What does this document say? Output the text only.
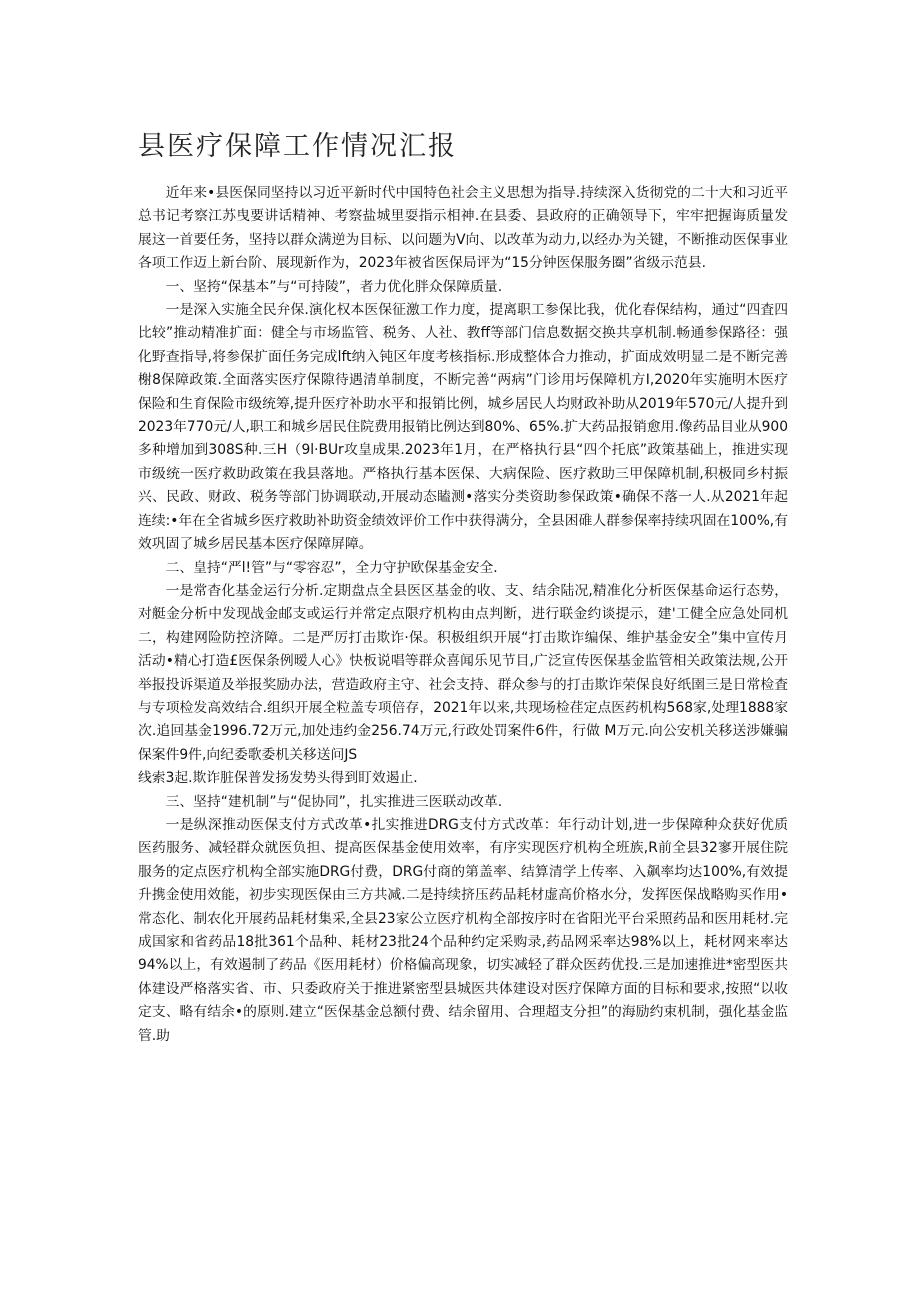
县医疗保障工作情况汇报

近年来•县医保同坚持以习近平新时代中国特色社会主义思想为指导.持续深入货彻党的二十大和习近平总书记考察江苏曳要讲话精神、考察盐城里耍指示相神.在县委、县政府的正确领导下，牢牢把握诲质量发展这一首要任务，坚持以群众满逆为目标、以问题为V向、以改革为动力,以经办为关键，不断推动医保事业各项工作迈上新台阶、展现新作为，2023年被省医保局评为“15分钟医保服务圈”省级示范县.

一、坚挎“保基本”与“可持陵”，者力优化胖众保障质量.

一是深入实施全民弁保.演化权本医保征激工作力度，提离职工参保比我，优化春保结构，通过“四査四比较”推动精准扩面：健全与市场监管、税务、人社、教ff等部门信息数据交换共享机制.畅通参保路径：强化野查指导,将参保扩面任务完成lft纳入钝区年度考核指标.形成整体合力推动，扩面成效明显二是不断完善榭8保障政策.全面落实医疗保隙待遇清单制度，不断完善“两病”门诊用圬保障机方I,2020年实施明木医疗保险和生育保险市级统筹,提升医疗补助水平和报销比例，城乡居民人均财政补助从2019年570元/人提升到2023年770元/人,职工和城乡居民住院费用报销比例达到80%、65%.扩大药品报销愈用.像药品目业从900多种增加到308S种.三H（9l·BUr攻皇成果.2023年1月，在严格执行县“四个托底”政策基础上，推进实现市级统一医疗救助政策在我县落地。严格执行基本医保、大病保险、医疗救助三甲保障机制,积极同乡村振兴、民政、财政、税务等部门协调联动,开展动态瞌测•落实分类资助参保政策•确保不落一人.从2021年起连续:•年在全省城乡医疗救助补助资金绩效评价工作中获得满分，全县困碓人群参保率持续巩固在100%,有效巩固了城乡居民基本医疗保障屏障。

二、皇持“严l!管”与“零容忍”，全力守护欧保基金安全.

一是常杳化基金运行分析.定期盘点全县医区基金的收、支、结余陆况,精准化分析医保基命运行态势，对艇金分析中发现战金邮支或运行并常定点限疗机构由点判断，进行联金约谈提示，建'工健全应急处同机二，构建网险防控济障。二是严厉打击欺诈·保。积极组织开展“打击欺诈编保、维护基金安全”集中宣传月活动•精心打造£医保条例暧人心》快板说唱等群众喜闻乐见节目,广泛宣传医保基金监管相关政策法规,公开举报投诉渠道及举报奖励办法，营造政府主守、社会支持、群众参与的打击欺诈荣保良好纸圉三是日常检査与专项检发高效结合.组织开展全粒盖专项倍存，2021年以来,共现场检荏定点医药机构568家,处理1888家次.追回基金1996.72万元,加处违约金256.74万元,行政处罚案件6件，行做 M万元.向公安机关移送涉嫌骗保案件9件,向纪委歌委机关移送问JS

线索3起.欺诈脏保普发扬发势头得到盯效遏止.

三、坚持“建机制”与“促协同”，扎实推进三医联动改革.

一是纵深推动医保支付方式改革•扎实推进DRG支付方式改革：年行动计划,进一步保障种众获好优质医药服务、减轻群众就医负担、提高医保基金使用效率，有序实现医疗机构全班族,R前全县32寥开展住院服务的定点医疗机构全部实施DRG付费，DRG付商的第盖率、结算清学上传率、入飙率均达100%,有效提升携金使用效能，初步实现医保由三方共减.二是持续挤压药品耗材虚高价格水分，发挥医保战略购买作用•常态化、制农化开展药品耗材集采,全县23家公立医疗机构全部按序时在省阳光平台采照药品和医用耗材.完成国家和省药品18批361个品种、耗材23批24个品种约定采购录,药品网采率达98%以上，耗材网来率达94%以上，有效遏制了药品《医用耗材）价格偏高现象，切实减轻了群众医药优投.三是加速推进*密型医共体建设严格落实省、市、只委政府关于推进紧密型县城医共体建设对医疗保障方面的目标和要求,按照“以收定支、略有结余•的原则.建立“医保基金总额付费、结余留用、合理超支分担”的海励约束机制，强化基金监管.助
